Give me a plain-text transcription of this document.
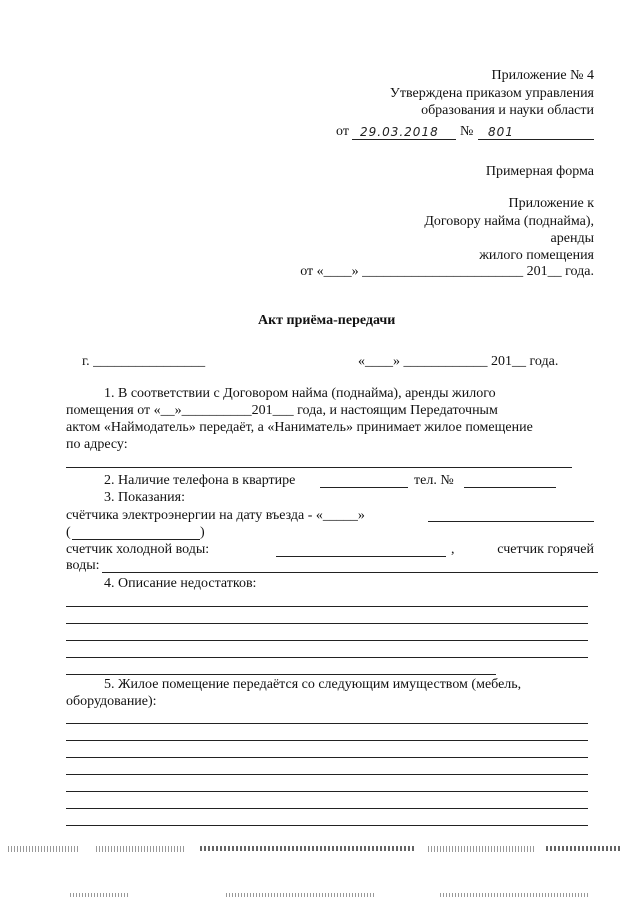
Приложение № 4
Утверждена приказом управления
образования и науки области
от 29.03.2018 № 801
Примерная форма
Приложение к
Договору найма (поднайма),
аренды
жилого помещения
от «____» _______________________ 201__ года.
Акт приёма-передачи
г. ________________	«____» ____________ 201__ года.
1. В соответствии с Договором найма (поднайма), аренды жилого
помещения от «__»__________201___ года, и настоящим Передаточным
актом «Наймодатель» передаёт, а «Наниматель» принимает жилое помещение
по адресу:
2. Наличие телефона в квартире	тел. №
3. Показания:
счётчика электроэнергии на дату въезда - «_____»
(	)
счетчик холодной воды:	,	счетчик горячей
воды:
4. Описание недостатков:
5. Жилое помещение передаётся со следующим имуществом (мебель,
оборудование):
